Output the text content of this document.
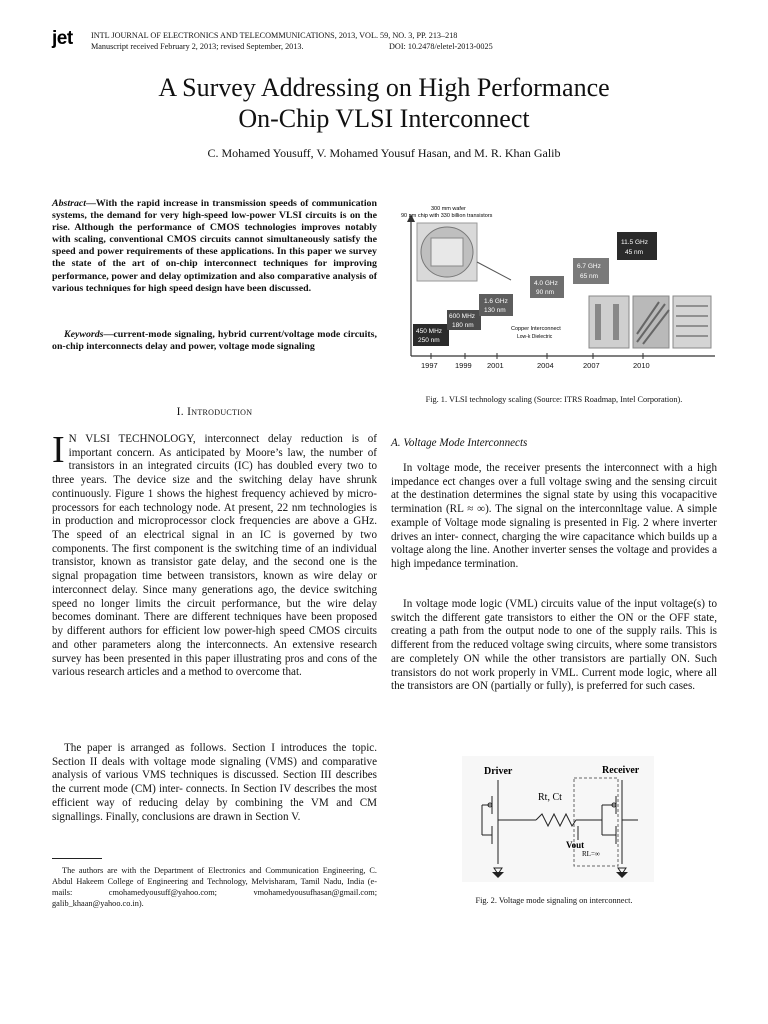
jet INTL JOURNAL OF ELECTRONICS AND TELECOMMUNICATIONS, 2013, VOL. 59, NO. 3, PP. 213–218
Manuscript received February 2, 2013; revised September, 2013.	DOI: 10.2478/eletel-2013-0025
A Survey Addressing on High Performance
On-Chip VLSI Interconnect
C. Mohamed Yousuff, V. Mohamed Yousuf Hasan, and M. R. Khan Galib
Abstract—With the rapid increase in transmission speeds of communication systems, the demand for very high-speed low-power VLSI circuits is on the rise. Although the performance of CMOS technologies improves notably with scaling, conventional CMOS circuits cannot simultaneously satisfy the speed and power requirements of these applications. In this paper we survey the state of the art of on-chip interconnect techniques for improving performance, power and delay optimization and also comparative analysis of various techniques for high speed design have been discussed.
Keywords—current-mode signaling, hybrid current/voltage mode circuits, on-chip interconnects delay and power, voltage mode signaling
I. Introduction
I N VLSI TECHNOLOGY, interconnect delay reduction is of important concern. As anticipated by Moore’s law, the number of transistors in an integrated circuits (IC) has doubled every two to three years. The device size and the switching delay have shrunk continuously. Figure 1 shows the highest frequency achieved by micro-processors for each technology node. At present, 22 nm technologies is in production and microprocessor clock frequencies are above a GHz. The speed of an electrical signal in an IC is governed by two components. The first component is the switching time of an individual transistor, known as transistor gate delay, and the second one is the signal propagation time between transistors, known as wire delay or interconnect delay. Since many generations ago, the device switching speed no longer limits the circuit performance, but the wire delay becomes dominant. There are different techniques have been proposed by different authors for efficient low power-high speed CMOS circuits and other parameters along the interconnects. An extensive research survey has been presented in this paper illustrating pros and cons of the various research articles and a method to overcome that.
The paper is arranged as follows. Section I introduces the topic. Section II deals with voltage mode signaling (VMS) and comparative analysis of various VMS techniques is discussed. Section III describes the current mode (CM) inter- connects. In Section IV describes the most efficient way of reducing delay by combining the VM and CM signallings. Finally, conclusions are drawn in Section V.
The authors are with the Department of Electronics and Communication Engineering, C. Abdul Hakeem College of Engineering and Technology, Melvisharam, Tamil Nadu, India (e-mails: cmohamedyousuff@yahoo.com; vmohamedyousufhasan@gmail.com; galib_khaan@yahoo.co.in).
300 mm wafer
90 nm chip with 330 billion transistors
450 MHz
250 nm
600 MHz
180 nm
1.6 GHz
130 nm
4.0 GHz
90 nm
6.7 GHz
65 nm
11.5 GHz
45 nm
Copper Interconnect
Low-k Dielectric
1997 1999 2001	2004	2007	2010
Fig. 1. VLSI technology scaling (Source: ITRS Roadmap, Intel Corporation).
A. Voltage Mode Interconnects
In voltage mode, the receiver presents the interconnect with a high impedance ect changes over a full voltage swing and the sensing circuit at the destination determines the signal state by using this vocapacitive termination (RL ≈ ∞). The signal on the interconnltage value. A simple example of Voltage mode signaling is presented in Fig. 2 where inverter drives an inter- connect, charging the wire capacitance which builds up a voltage along the line. Another inverter senses the voltage and provides a high impedance termination.
In voltage mode logic (VML) circuits value of the input voltage(s) to switch the different gate transistors to either the ON or the OFF state, creating a path from the output node to one of the supply rails. This is different from the reduced voltage swing circuits, where some transistors are completely ON while the other transistors are partially ON. Such transistors do not work properly in VML. Current mode logic, where all the transistors are ON (partially or fully), is preferred for such cases.
Driver	Receiver
Rt, Ct
Vout
RL=∞
Fig. 2. Voltage mode signaling on interconnect.
